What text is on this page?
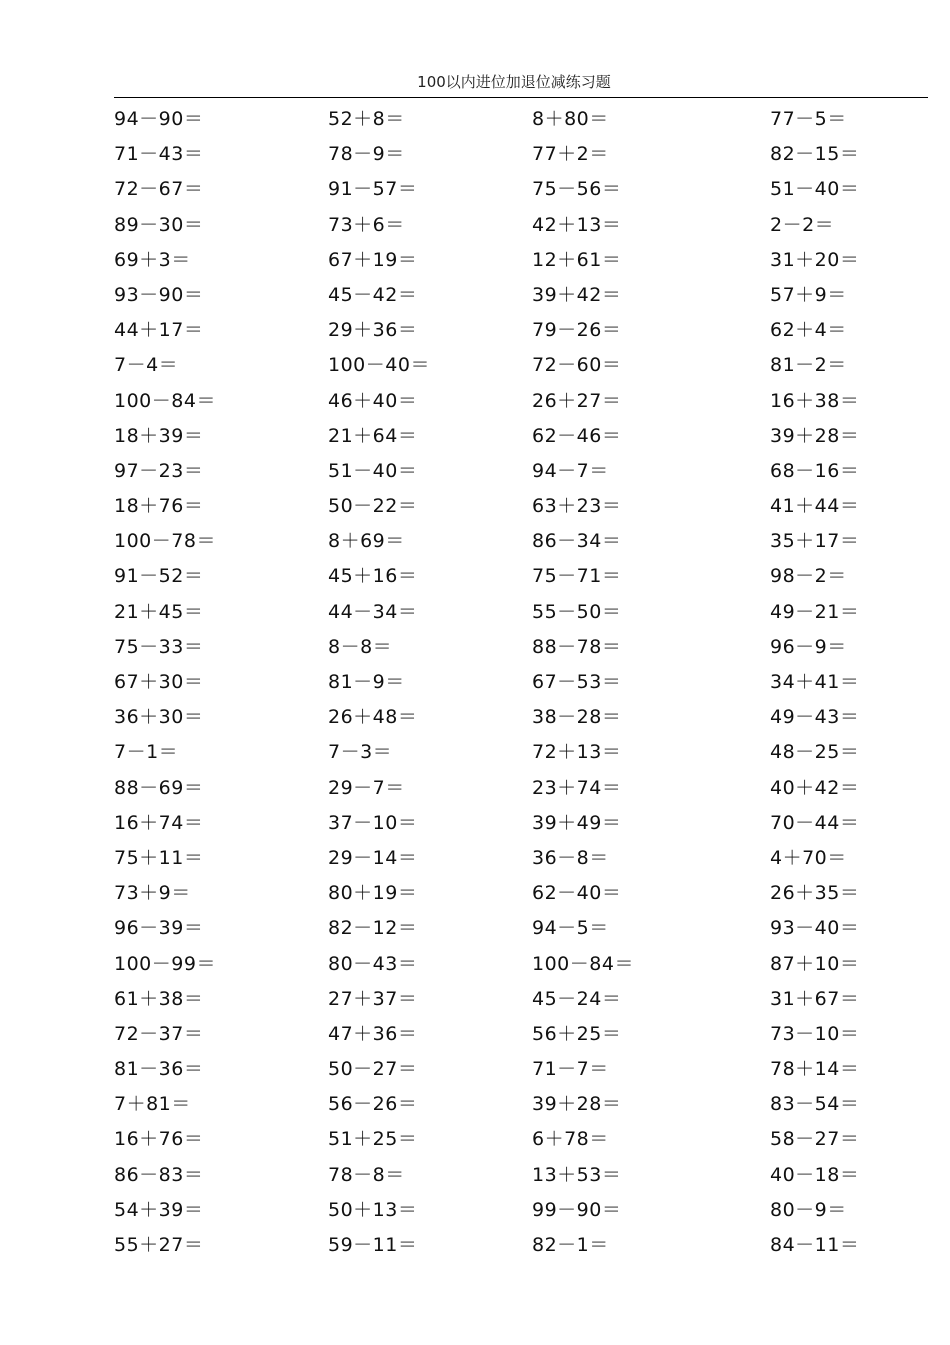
100以内进位加退位减练习题
94－90＝	52＋8＝	8＋80＝	77－5＝
71－43＝	78－9＝	77＋2＝	82－15＝
72－67＝	91－57＝	75－56＝	51－40＝
89－30＝	73＋6＝	42＋13＝	2－2＝
69＋3＝	67＋19＝	12＋61＝	31＋20＝
93－90＝	45－42＝	39＋42＝	57＋9＝
44＋17＝	29＋36＝	79－26＝	62＋4＝
7－4＝	100－40＝	72－60＝	81－2＝
100－84＝	46＋40＝	26＋27＝	16＋38＝
18＋39＝	21＋64＝	62－46＝	39＋28＝
97－23＝	51－40＝	94－7＝	68－16＝
18＋76＝	50－22＝	63＋23＝	41＋44＝
100－78＝	8＋69＝	86－34＝	35＋17＝
91－52＝	45＋16＝	75－71＝	98－2＝
21＋45＝	44－34＝	55－50＝	49－21＝
75－33＝	8－8＝	88－78＝	96－9＝
67＋30＝	81－9＝	67－53＝	34＋41＝
36＋30＝	26＋48＝	38－28＝	49－43＝
7－1＝	7－3＝	72＋13＝	48－25＝
88－69＝	29－7＝	23＋74＝	40＋42＝
16＋74＝	37－10＝	39＋49＝	70－44＝
75＋11＝	29－14＝	36－8＝	4＋70＝
73＋9＝	80＋19＝	62－40＝	26＋35＝
96－39＝	82－12＝	94－5＝	93－40＝
100－99＝	80－43＝	100－84＝	87＋10＝
61＋38＝	27＋37＝	45－24＝	31＋67＝
72－37＝	47＋36＝	56＋25＝	73－10＝
81－36＝	50－27＝	71－7＝	78＋14＝
7＋81＝	56－26＝	39＋28＝	83－54＝
16＋76＝	51＋25＝	6＋78＝	58－27＝
86－83＝	78－8＝	13＋53＝	40－18＝
54＋39＝	50＋13＝	99－90＝	80－9＝
55＋27＝	59－11＝	82－1＝	84－11＝
